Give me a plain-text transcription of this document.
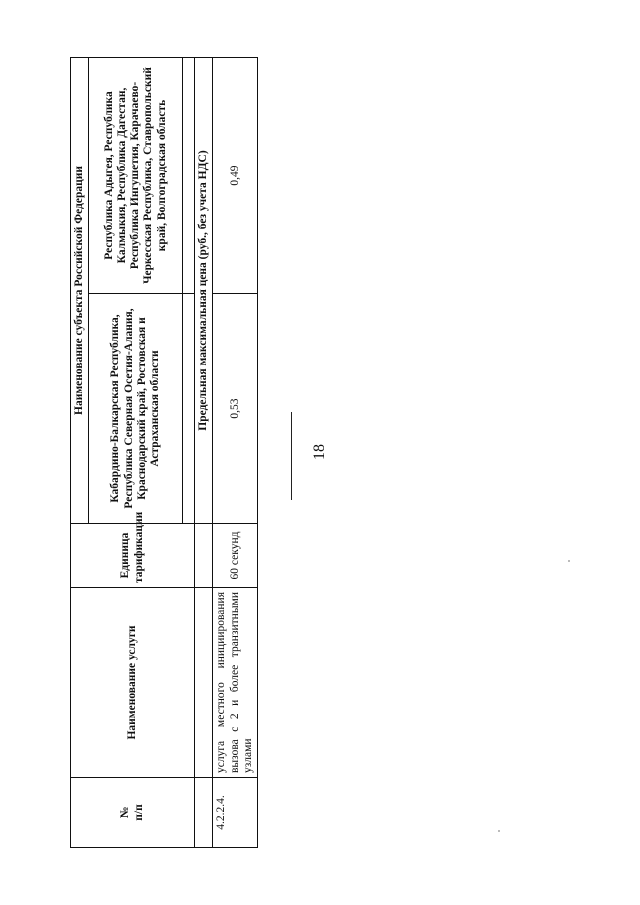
18
№
п/п	Наименование услуги	Единица тарификации	Наименование субъекта Российской Федерации	
			Кабардино-Балкарская Республика, Республика Северная Осетия-Алания, Краснодарский край, Ростовская и Астраханская области	Республика Адыгея, Республика Калмыкия, Республика Дагестан, Республика Ингушетия, Карачаево-Черкесская Республика, Ставропольский край, Волгоградская область

			Предельная максимальная цена (руб., без учета НДС)	
4.2.2.4.	услуга местного инициирования вызова с 2 и более транзитными узлами	60 секунд	0,53	0,49
